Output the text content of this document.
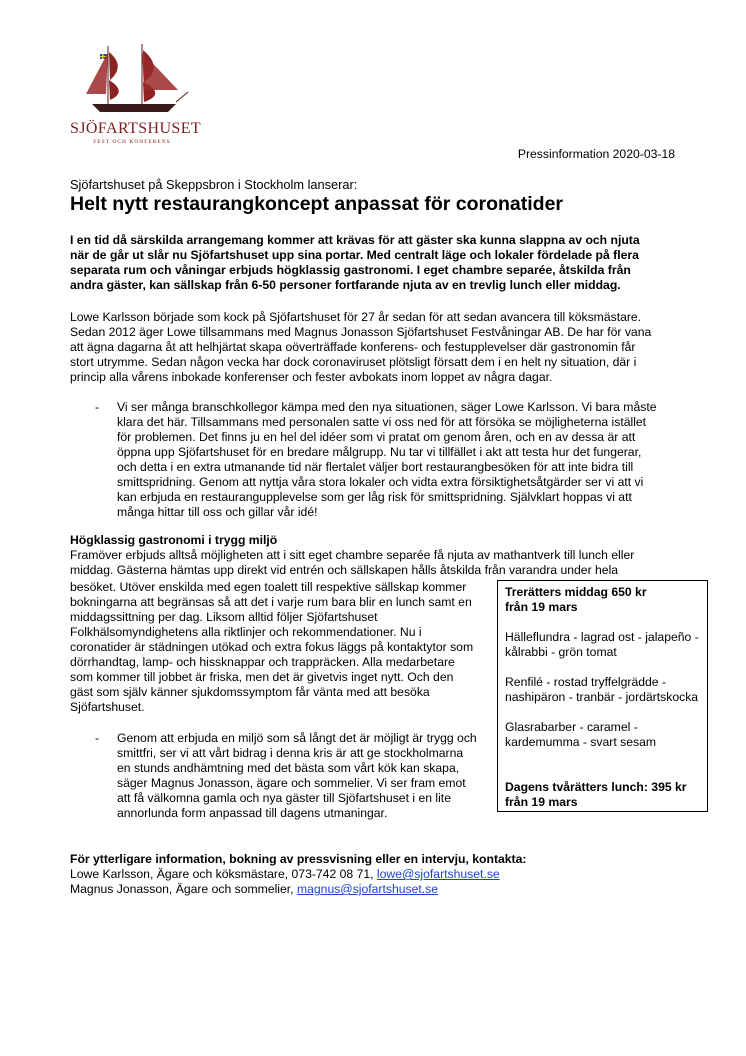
SJÖFARTSHUSET
FEST OCH KONFERENS
Pressinformation 2020-03-18
Sjöfartshuset på Skeppsbron i Stockholm lanserar:
Helt nytt restaurangkoncept anpassat för coronatider

I en tid då särskilda arrangemang kommer att krävas för att gäster ska kunna slappna av och njuta

när de går ut slår nu Sjöfartshuset upp sina portar. Med centralt läge och lokaler fördelade på flera

separata rum och våningar erbjuds högklassig gastronomi. I eget chambre separée, åtskilda från

andra gäster, kan sällskap från 6-50 personer fortfarande njuta av en trevlig lunch eller middag.

Lowe Karlsson började som kock på Sjöfartshuset för 27 år sedan för att sedan avancera till köksmästare.

Sedan 2012 äger Lowe tillsammans med Magnus Jonasson Sjöfartshuset Festvåningar AB. De har för vana

att ägna dagarna åt att helhjärtat skapa oöverträffade konferens- och festupplevelser där gastronomin får

stort utrymme. Sedan någon vecka har dock coronaviruset plötsligt försatt dem i en helt ny situation, där i

princip alla vårens inbokade konferenser och fester avbokats inom loppet av några dagar.

- Vi ser många branschkollegor kämpa med den nya situationen, säger Lowe Karlsson. Vi bara måste

klara det här. Tillsammans med personalen satte vi oss ned för att försöka se möjligheterna istället

för problemen. Det finns ju en hel del idéer som vi pratat om genom åren, och en av dessa är att

öppna upp Sjöfartshuset för en bredare målgrupp. Nu tar vi tillfället i akt att testa hur det fungerar,

och detta i en extra utmanande tid när flertalet väljer bort restaurangbesöken för att inte bidra till

smittspridning. Genom att nyttja våra stora lokaler och vidta extra försiktighetsåtgärder ser vi att vi

kan erbjuda en restaurangupplevelse som ger låg risk för smittspridning. Självklart hoppas vi att

många hittar till oss och gillar vår idé!

Högklassig gastronomi i trygg miljö

Framöver erbjuds alltså möjligheten att i sitt eget chambre separée få njuta av mathantverk till lunch eller

middag. Gästerna hämtas upp direkt vid entrén och sällskapen hålls åtskilda från varandra under hela

besöket. Utöver enskilda med egen toalett till respektive sällskap kommer

bokningarna att begränsas så att det i varje rum bara blir en lunch samt en

middagssittning per dag. Liksom alltid följer Sjöfartshuset

Folkhälsomyndighetens alla riktlinjer och rekommendationer. Nu i

coronatider är städningen utökad och extra fokus läggs på kontaktytor som

dörrhandtag, lamp- och hissknappar och trappräcken. Alla medarbetare

som kommer till jobbet är friska, men det är givetvis inget nytt. Och den

gäst som själv känner sjukdomssymptom får vänta med att besöka

Sjöfartshuset.

- Genom att erbjuda en miljö som så långt det är möjligt är trygg och

smittfri, ser vi att vårt bidrag i denna kris är att ge stockholmarna

en stunds andhämtning med det bästa som vårt kök kan skapa,

säger Magnus Jonasson, ägare och sommelier. Vi ser fram emot

att få välkomna gamla och nya gäster till Sjöfartshuset i en lite

annorlunda form anpassad till dagens utmaningar.

Trerätters middag 650 kr

från 19 mars

Hälleflundra - lagrad ost - jalapeño -

kålrabbi - grön tomat

Renfilé - rostad tryffelgrädde -

nashipäron - tranbär - jordärtskocka

Glasrabarber - caramel -

kardemumma - svart sesam

Dagens tvårätters lunch: 395 kr

från 19 mars

För ytterligare information, bokning av pressvisning eller en intervju, kontakta:

Lowe Karlsson, Ägare och köksmästare, 073-742 08 71, lowe@sjofartshuset.se

Magnus Jonasson, Ägare och sommelier, magnus@sjofartshuset.se
